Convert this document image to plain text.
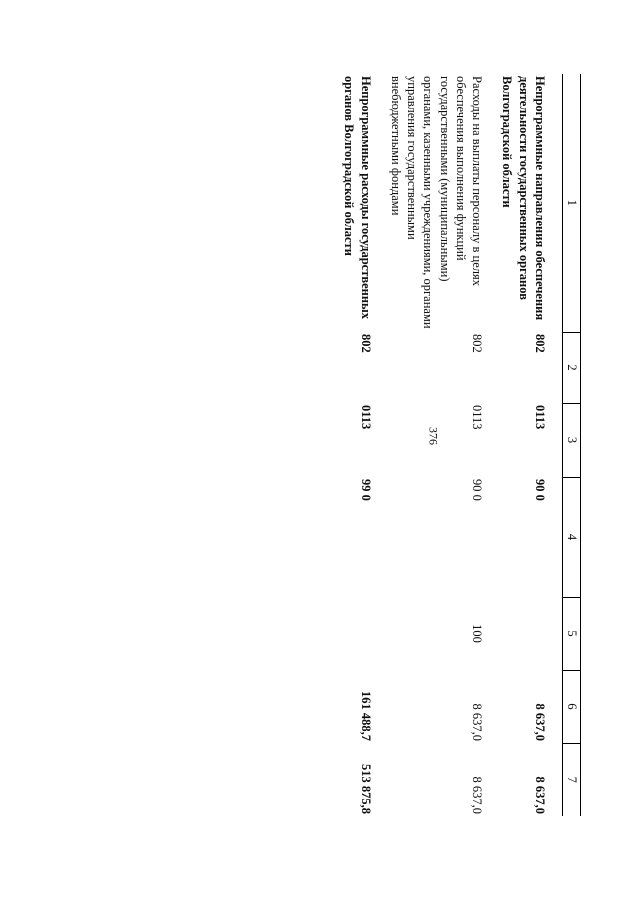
376
1	2	3	4	5	6	7

Непрограммные направления обеспечения деятельности государственных органов Волгоградской области	802	0113	90 0		8 637,0	8 637,0

Расходы на выплаты персоналу в целях обеспечения выполнения функций государственными (муниципальными) органами, казенными учреждениями, органами управления государственными внебюджетными фондами	802	0113	90 0	100	8 637,0	8 637,0

Непрограммные расходы государственных органов Волгоградской области	802	0113	99 0		161 488,7	513 875,8
